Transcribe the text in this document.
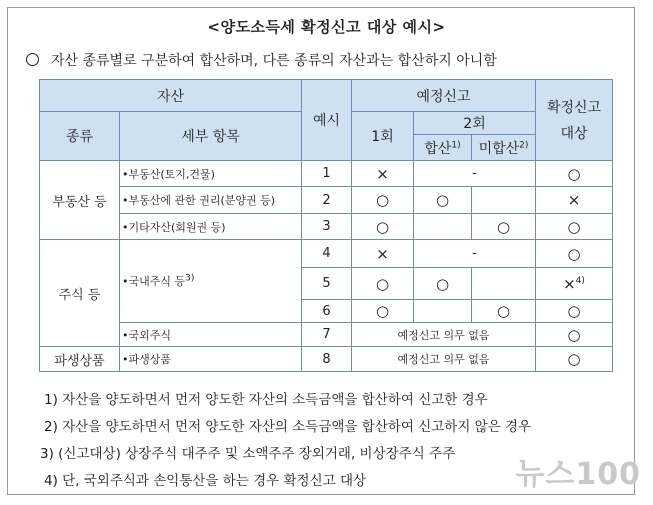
<양도소득세 확정신고 대상 예시>
자산 종류별로 구분하여 합산하며, 다른 종류의 자산과는 합산하지 아니함
자산		예시	예정신고			확정신고
대상

종류	세부 항목		1회	2회		
				합산$^{1)}$	미합산$^{2)}$
부동산 등	•부동산(토지,건물)	1	×	-		○
	•부동산에 관한 권리(분양권 등)	2	○	○		×
	•기타자산(회원권 등)	3	○		○	○
주식 등	•국내주식 등$^{3)}$	4	×	-		○
		5	○	○		×$^{4)}$
		6	○		○	○
	•국외주식	7	예정신고 의무 없음			○
파생상품	•파생상품	8	예정신고 의무 없음			○
1) 자산을 양도하면서 먼저 양도한 자산의 소득금액을 합산하여 신고한 경우
2) 자산을 양도하면서 먼저 양도한 자산의 소득금액을 합산하여 신고하지 않은 경우
3) (신고대상) 상장주식 대주주 및 소액주주 장외거래, 비상장주식 주주
4) 단, 국외주식과 손익통산을 하는 경우 확정신고 대상	뉴스100
